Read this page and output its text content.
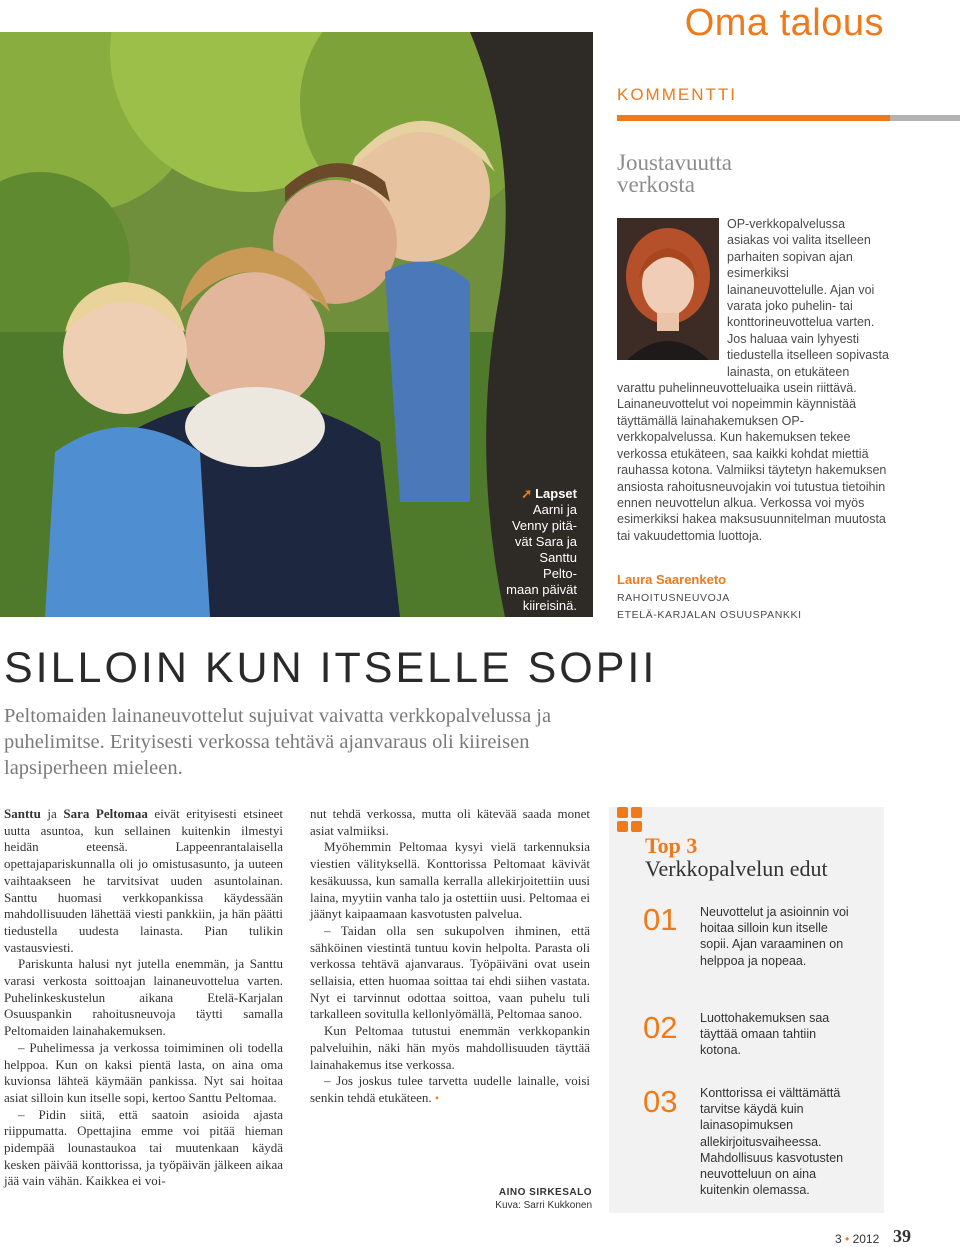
Oma talous
➚ Lapset
Aarni ja
Venny pitä-
vät Sara ja
Santtu Pelto-
maan päivät
kiireisinä.
KOMMENTTI
Joustavuutta
verkosta

OP-verkkopalvelussa asiakas voi valita itselleen parhaiten sopivan ajan esimerkiksi lainaneuvottelulle. Ajan voi varata joko puhelin- tai konttorineuvottelua varten. Jos haluaa vain lyhyesti tiedustella itselleen sopivasta lainasta, on etukäteen varattu puhelinneuvotteluaika usein riittävä.

Lainaneuvottelut voi nopeimmin käynnistää täyttämällä lainahakemuksen OP-verkkopalvelussa. Kun hakemuksen tekee verkossa etukäteen, saa kaikki kohdat miettiä rauhassa kotona. Valmiiksi täytetyn hakemuksen ansiosta rahoitusneuvojakin voi tutustua tietoihin ennen neuvottelun alkua. Verkossa voi myös esimerkiksi hakea maksusuunnitelman muutosta tai vakuudettomia luottoja.

Laura Saarenketo
RAHOITUSNEUVOJA
ETELÄ-KARJALAN OSUUSPANKKI
SILLOIN KUN ITSELLE SOPII
Peltomaiden lainaneuvottelut sujuivat vaivatta verkkopalvelussa ja puhelimitse. Erityisesti verkossa tehtävä ajanvaraus oli kiireisen lapsiperheen mieleen.

Santtu ja Sara Peltomaa eivät erityisesti etsineet uutta asuntoa, kun sellainen kuitenkin ilmestyi heidän eteensä. Lappeenrantalaisella opettajapariskunnalla oli jo omistusasunto, ja uuteen vaihtaakseen he tarvitsivat uuden asuntolainan. Santtu huomasi verkkopankissa käydessään mahdollisuuden lähettää viesti pankkiin, ja hän päätti tiedustella uudesta lainasta. Pian tulikin vastausviesti.

Pariskunta halusi nyt jutella enemmän, ja Santtu varasi verkosta soittoajan lainaneuvottelua varten. Puhelinkeskustelun aikana Etelä-Karjalan Osuuspankin rahoitusneuvoja täytti samalla Peltomaiden lainahakemuksen.

– Puhelimessa ja verkossa toimiminen oli todella helppoa. Kun on kaksi pientä lasta, on aina oma kuvionsa lähteä käymään pankissa. Nyt sai hoitaa asiat silloin kun itselle sopi, kertoo Santtu Peltomaa.

– Pidin siitä, että saatoin asioida ajasta riippumatta. Opettajina emme voi pitää hieman pidempää lounastaukoa tai muutenkaan käydä kesken päivää konttorissa, ja työpäivän jälkeen aikaa jää vain vähän. Kaikkea ei voi-

nut tehdä verkossa, mutta oli kätevää saada monet asiat valmiiksi.

Myöhemmin Peltomaa kysyi vielä tarkennuksia viestien välityksellä. Konttorissa Peltomaat kävivät kesäkuussa, kun samalla kerralla allekirjoitettiin uusi laina, myytiin vanha talo ja ostettiin uusi. Peltomaa ei jäänyt kaipaamaan kasvotusten palvelua.

– Taidan olla sen sukupolven ihminen, että sähköinen viestintä tuntuu kovin helpolta. Parasta oli verkossa tehtävä ajanvaraus. Työpäiväni ovat usein sellaisia, etten huomaa soittaa tai ehdi siihen vastata. Nyt ei tarvinnut odottaa soittoa, vaan puhelu tuli tarkalleen sovitulla kellonlyömällä, Peltomaa sanoo.

Kun Peltomaa tutustui enemmän verkkopankin palveluihin, näki hän myös mahdollisuuden täyttää lainahakemus itse verkossa.

– Jos joskus tulee tarvetta uudelle lainalle, voisi senkin tehdä etukäteen. •

AINO SIRKESALO
Kuva: Sarri Kukkonen
Top 3
Verkkopalvelun edut
01 Neuvottelut ja asioinnin voi hoitaa silloin kun itselle sopii. Ajan varaaminen on helppoa ja nopeaa.
02 Luottohakemuksen saa täyttää omaan tahtiin kotona.
03 Konttorissa ei välttämättä tarvitse käydä kuin lainasopimuksen allekirjoitusvaiheessa. Mahdollisuus kasvotusten neuvotteluun on aina kuitenkin olemassa.
3 • 2012 39
